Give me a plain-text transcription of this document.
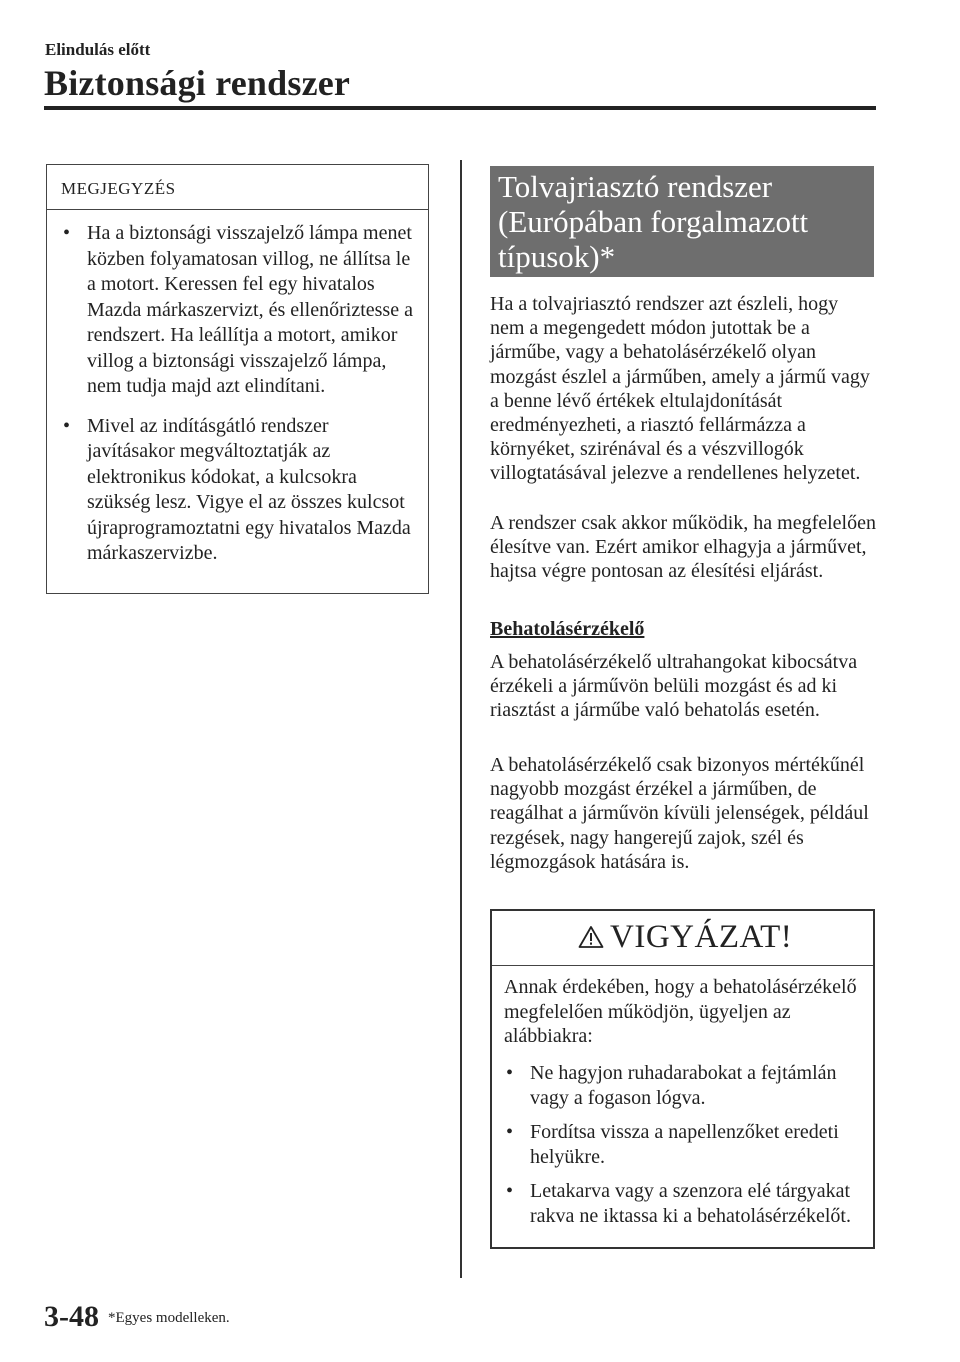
Elindulás előtt
Biztonsági rendszer
MEGJEGYZÉS
• Ha a biztonsági visszajelző lámpa menet közben folyamatosan villog, ne állítsa le a motort. Keressen fel egy hivatalos Mazda márkaszervizt, és ellenőriztesse a rendszert. Ha leállítja a motort, amikor villog a biztonsági visszajelző lámpa, nem tudja majd azt elindítani.
• Mivel az indításgátló rendszer javításakor megváltoztatják az elektronikus kódokat, a kulcsokra szükség lesz. Vigye el az összes kulcsot újraprogramoztatni egy hivatalos Mazda márkaszervizbe.
Tolvajriasztó rendszer (Európában forgalmazott típusok)*
Ha a tolvajriasztó rendszer azt észleli, hogy nem a megengedett módon jutottak be a járműbe, vagy a behatolásérzékelő olyan mozgást észlel a járműben, amely a jármű vagy a benne lévő értékek eltulajdonítását eredményezheti, a riasztó fellármázza a környéket, szirénával és a vészvillogók villogtatásával jelezve a rendellenes helyzetet.
A rendszer csak akkor működik, ha megfelelően élesítve van. Ezért amikor elhagyja a járművet, hajtsa végre pontosan az élesítési eljárást.
Behatolásérzékelő
A behatolásérzékelő ultrahangokat kibocsátva érzékeli a járművön belüli mozgást és ad ki riasztást a járműbe való behatolás esetén.
A behatolásérzékelő csak bizonyos mértékűnél nagyobb mozgást érzékel a járműben, de reagálhat a járművön kívüli jelenségek, például rezgések, nagy hangerejű zajok, szél és légmozgások hatására is.
VIGYÁZAT!
Annak érdekében, hogy a behatolásérzékelő megfelelően működjön, ügyeljen az alábbiakra:
• Ne hagyjon ruhadarabokat a fejtámlán vagy a fogason lógva.
• Fordítsa vissza a napellenzőket eredeti helyükre.
• Letakarva vagy a szenzora elé tárgyakat rakva ne iktassa ki a behatolásérzékelőt.
3-48 *Egyes modelleken.
